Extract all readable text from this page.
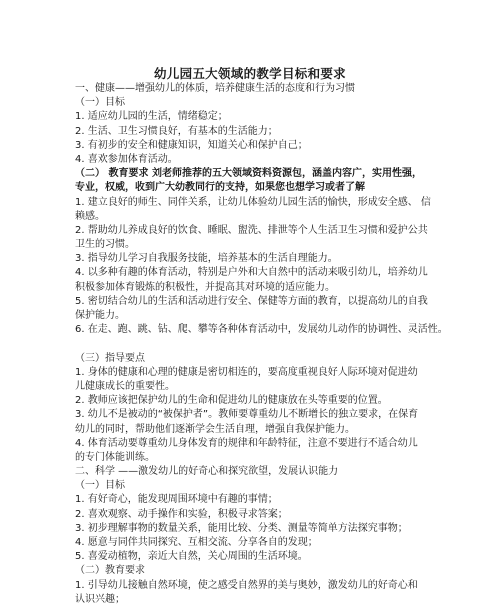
幼儿园五大领域的教学目标和要求
一、健康——增强幼儿的体质，培养健康生活的态度和行为习惯
（一）目标
1. 适应幼儿园的生活，情绪稳定；
2. 生活、卫生习惯良好，有基本的生活能力；
3. 有初步的安全和健康知识，知道关心和保护自己；
4. 喜欢参加体育活动。
（二） 教育要求 刘老师推荐的五大领域资料资源包，涵盖内容广，实用性强，
专业，权威，收到广大幼教同行的支持，如果您也想学习或者了解
1. 建立良好的师生、同伴关系，让幼儿体验幼儿园生活的愉快，形成安全感、 信
赖感。
2. 帮助幼儿养成良好的饮食、睡眠、盥洗、排泄等个人生活卫生习惯和爱护公共
卫生的习惯。
3. 指导幼儿学习自我服务技能，培养基本的生活自理能力。
4. 以多种有趣的体育活动，特别是户外和大自然中的活动来吸引幼儿，培养幼儿
积极参加体育锻炼的积极性，并提高其对环境的适应能力。
5. 密切结合幼儿的生活和活动进行安全、保健等方面的教育，以提高幼儿的自我
保护能力。
6. 在走、跑、跳、钻、爬、攀等各种体育活动中，发展幼儿动作的协调性、灵活性。
（三）指导要点
1. 身体的健康和心理的健康是密切相连的，要高度重视良好人际环境对促进幼
儿健康成长的重要性。
2. 教师应该把保护幼儿的生命和促进幼儿的健康放在头等重要的位置。
3. 幼儿不是被动的“被保护者”。教师要尊重幼儿不断增长的独立要求，在保育
幼儿的同时，帮助他们逐渐学会生活自理，增强自我保护能力。
4. 体育活动要尊重幼儿身体发育的规律和年龄特征，注意不要进行不适合幼儿
的专门体能训练。
二、科学 ——激发幼儿的好奇心和探究欲望，发展认识能力
（一）目标
1. 有好奇心，能发现周围环境中有趣的事情；
2. 喜欢观察、动手操作和实验，积极寻求答案；
3. 初步理解事物的数量关系，能用比较、分类、测量等简单方法探究事物；
4. 愿意与同伴共同探究、互相交流、分享各自的发现；
5. 喜爱动植物，亲近大自然，关心周围的生活环境。
（二）教育要求
1. 引导幼儿接触自然环境，使之感受自然界的美与奥妙，激发幼儿的好奇心和
认识兴趣；
